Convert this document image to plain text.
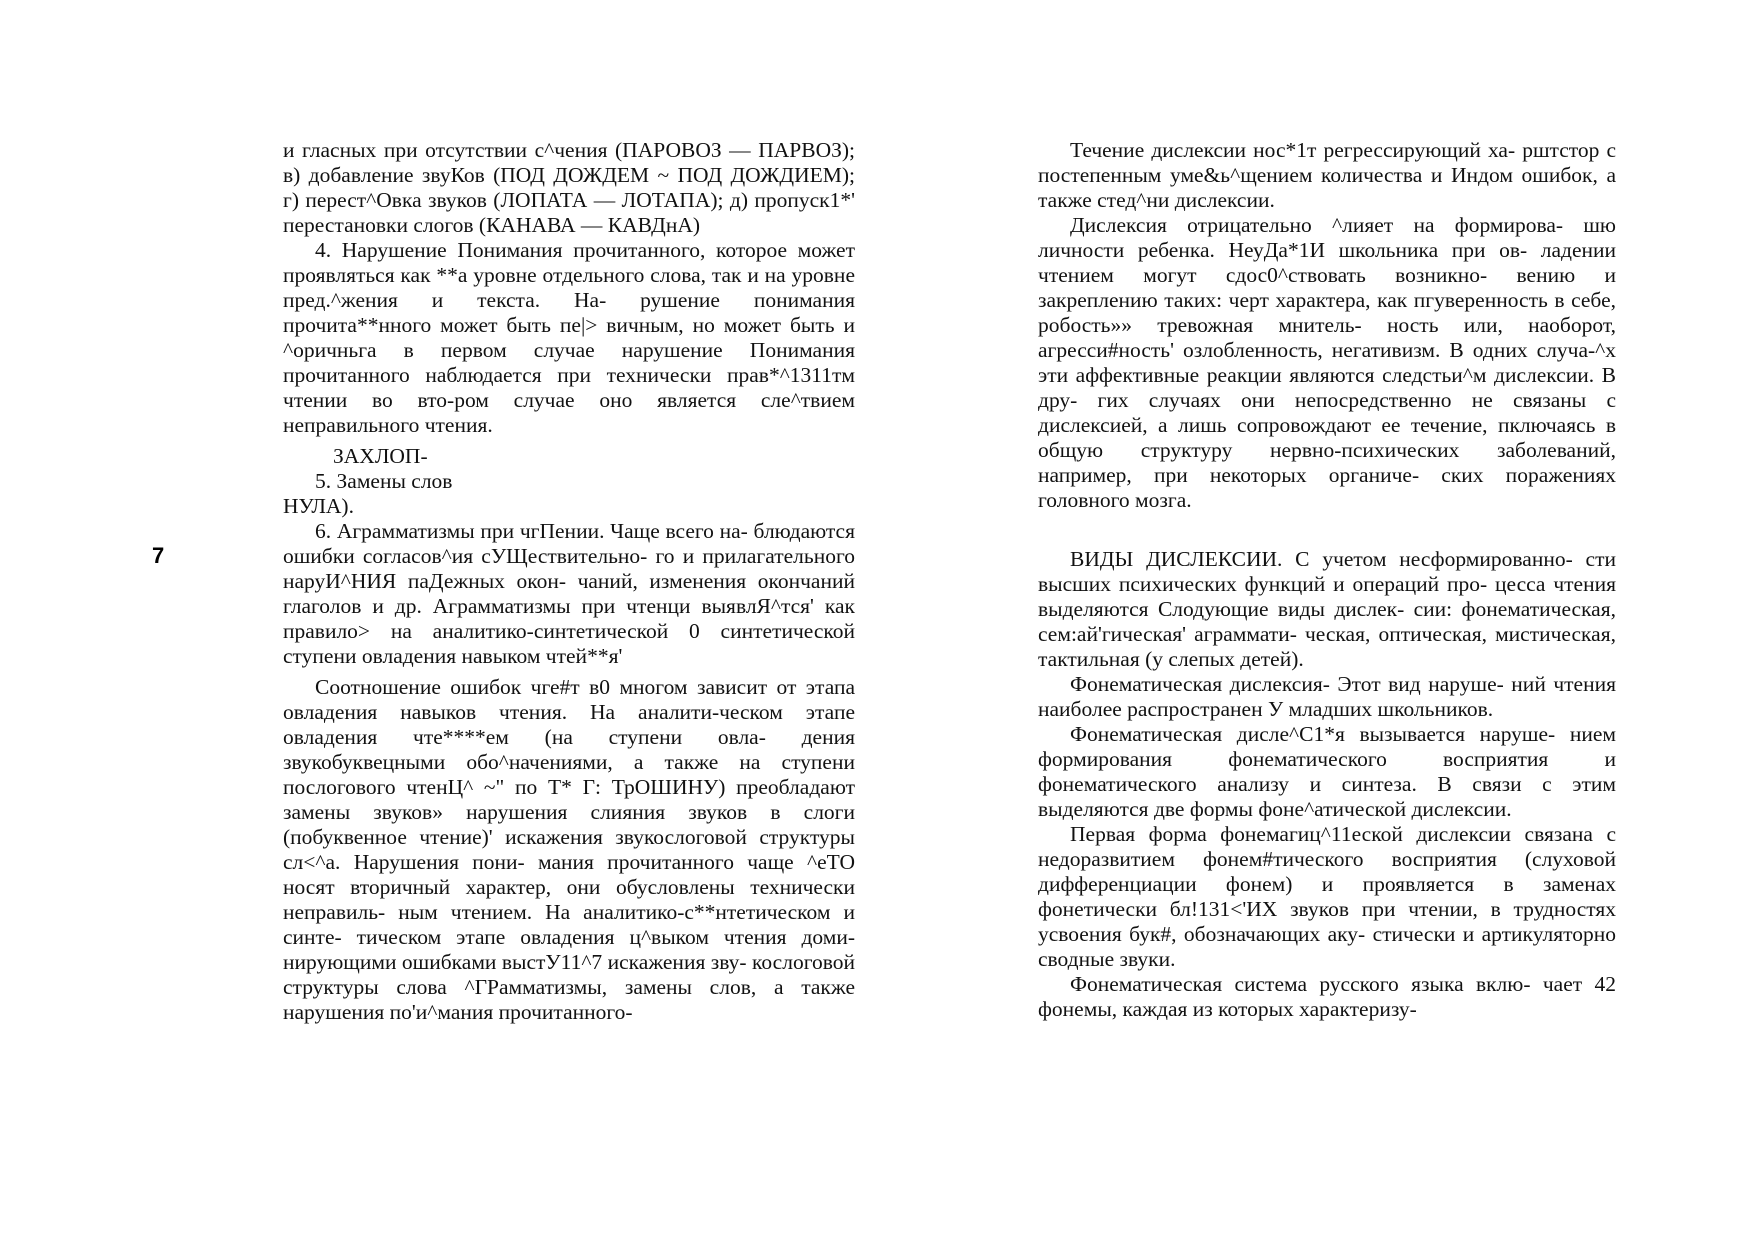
7

и гласных при отсутствии с^чения (ПАРОВОЗ — ПАРВОЗ); в) добавление звуКов (ПОД ДОЖДЕМ ~ ПОД ДОЖДИЕМ); г) перест^Овка звуков (ЛОПАТА — ЛОТАПА); д) пропуск1*' перестановки слогов (КАНАВА — КАВДнА)

4. Нарушение Понимания прочитанного, которое может проявляться как **а уровне отдельного слова, так и на уровне пред.^жения и текста. На- рушение понимания прочита**нного может быть пе|> вичным, но может быть и ^оричньга в первом случае нарушение Понимания прочитанного наблюдается при технически прав*^1311тм чтении во вто-ром случае оно является сле^твием неправильного чтения.

ЗАХЛОП-

5. Замены слов

НУЛА).

6. Аграмматизмы при чгПении. Чаще всего на- блюдаются ошибки согласов^ия сУЩествительно- го и прилагательного наруИ^НИЯ паДежных окон- чаний, изменения окончаний глаголов и др. Аграмматизмы при чтенци выявлЯ^тся' как правило> на аналитико-синтетической 0 синтетической ступени овладения навыком чтей**я'

Соотношение ошибок чге#т в0 многом зависит от этапа овладения навыков чтения. На аналити-ческом этапе овладения чте****ем (на ступени овла- дения звукобуквецными обо^начениями, а также на ступени послогового чтенЦ^ ~" по Т* Г: ТрОШИНУ) преобладают замены звуков» нарушения слияния звуков в слоги (побуквенное чтение)' искажения звукослоговой структуры сл<^а. Нарушения пони- мания прочитанного чаще ^еТО носят вторичный характер, они обусловлены технически неправиль- ным чтением. На аналитико-с**нтетическом и синте- тическом этапе овладения ц^выком чтения доми- нирующими ошибками выстУ11^7 искажения зву- кослоговой структуры слова ^ГРамматизмы, замены слов, а также нарушения по'и^мания прочитанного-

Течение дислексии нос*1т регрессирующий ха- рштстор с постепенным уме&ь^щением количества и Индом ошибок, а также стед^ни дислексии.

Дислексия отрицательно ^лияет на формирова- шю личности ребенка. НеуДа*1И школьника при ов- ладении чтением могут сдос0^ствовать возникно- вению и закреплению таких: черт характера, как пгуверенность в себе, робость»» тревожная мнитель- ность или, наоборот, агресси#ность' озлобленность, негативизм. В одних случа-^х эти аффективные реакции являются следстьи^м дислексии. В дру- гих случаях они непосредственно не связаны с дислексией, а лишь сопровождают ее течение, пключаясь в общую структуру нервно-психических заболеваний, например, при некоторых органиче- ских поражениях головного мозга.

ВИДЫ ДИСЛЕКСИИ. С учетом несформированно- сти высших психических функций и операций про- цесса чтения выделяются Слодующие виды дислек- сии: фонематическая, сем:ай'гическая' аграммати- ческая, оптическая, мистическая, тактильная (у слепых детей).

Фонематическая дислексия- Этот вид наруше- ний чтения наиболее распространен У младших школьников.

Фонематическая дисле^С1*я вызывается наруше- нием формирования фонематического восприятия и фонематического анализу и синтеза. В связи с этим выделяются две формы фоне^атической дислексии.

Первая форма фонемагиц^11еской дислексии связана с недоразвитием фонем#тического восприятия (слуховой дифференциации фонем) и проявляется в заменах фонетически бл!131<'ИХ звуков при чтении, в трудностях усвоения бук#, обозначающих аку- стически и артикуляторно сводные звуки.

Фонематическая система русского языка вклю- чает 42 фонемы, каждая из которых характеризу-
